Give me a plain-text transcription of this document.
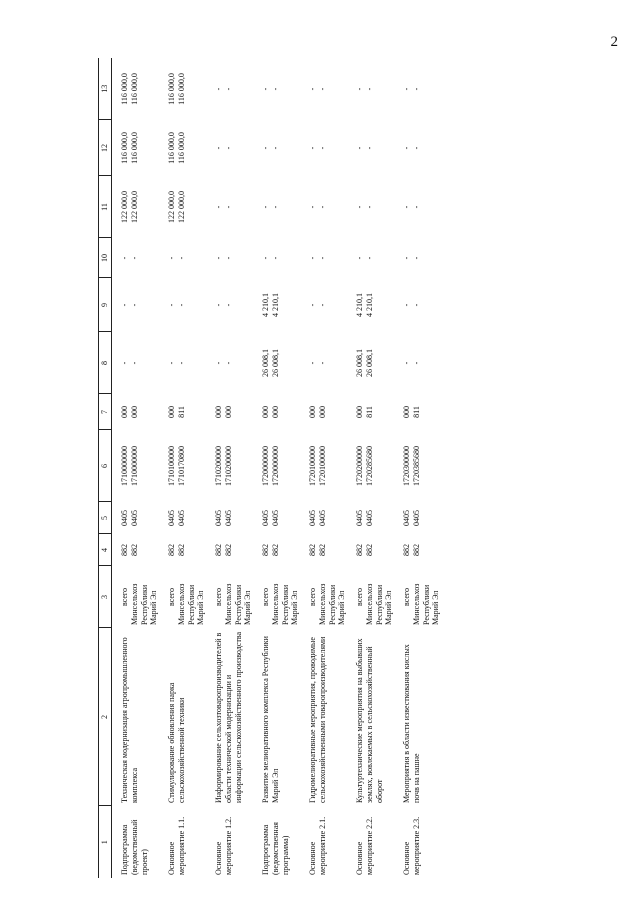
2
1	2	3	4	5	6	7	8	9	10	11	12	13

Подпрограмма (ведомственный проект)	Техническая модернизация агропромышленного комплекса	всего	882	0405	1710000000	000	-	-	-	122 000,0	116 000,0	116 000,0
		Минсельхоз Республики Марий Эл	882	0405	1710000000	000	-	-	-	122 000,0	116 000,0	116 000,0

Основное мероприятие 1.1.	Стимулирование обновления парка сельскохозяйственной техники	всего	882	0405	1710100000	000	-	-	-	122 000,0	116 000,0	116 000,0
		Минсельхоз Республики Марий Эл	882	0405	1710170800	811	-	-	-	122 000,0	116 000,0	116 000,0

Основное мероприятие 1.2.	Информирование сельхозтоваропроизводителей в области технической модернизации и информации сельскохозяйственного производства	всего	882	0405	1710200000	000	-	-	-	-	-	-
		Минсельхоз Республики Марий Эл	882	0405	1710200000	000	-	-	-	-	-	-

Подпрограмма (ведомственная программа)	Развитие мелиоративного комплекса Республики Марий Эл	всего	882	0405	1720000000	000	26 008,1	4 210,1	-	-	-	-
		Минсельхоз Республики Марий Эл	882	0405	1720000000	000	26 008,1	4 210,1	-	-	-	-

Основное мероприятие 2.1.	Гидромелиоративные мероприятия, проводимые сельскохозяйственными товаропроизводителями	всего	882	0405	1720100000	000	-	-	-	-	-	-
		Минсельхоз Республики Марий Эл	882	0405	1720100000	000	-	-	-	-	-	-

Основное мероприятие 2.2.	Культуртехнические мероприятия на выбывших землях, вовлекаемых в сельскохозяйственный оборот	всего	882	0405	1720200000	000	26 008,1	4 210,1	-	-	-	-
		Минсельхоз Республики Марий Эл	882	0405	1720285680	811	26 008,1	4 210,1	-	-	-	-

Основное мероприятие 2.3.	Мероприятия в области известкования кислых почв на пашне	всего	882	0405	1720300000	000	-	-	-	-	-	-
		Минсельхоз Республики Марий Эл	882	0405	1720385680	811	-	-	-	-	-	-
